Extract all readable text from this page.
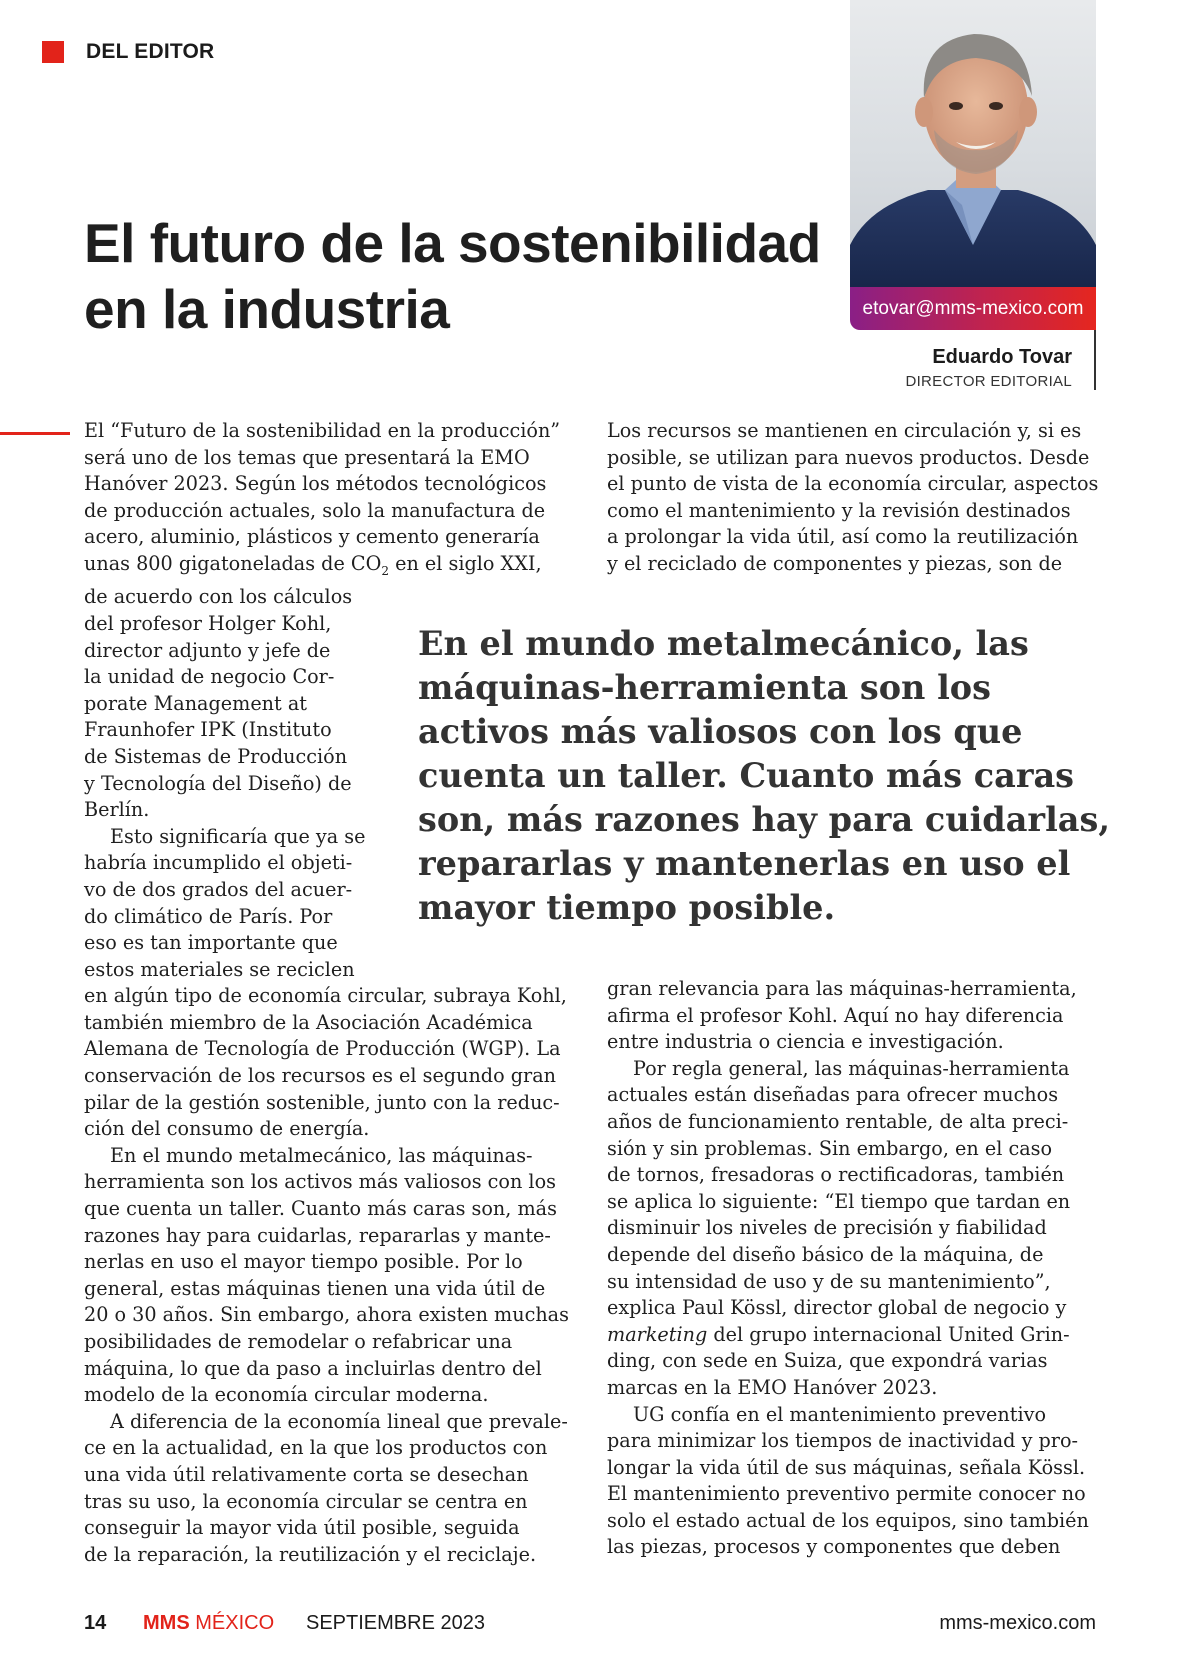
DEL EDITOR
El futuro de la sostenibilidad
en la industria	etovar@mms-mexico.com
Eduardo Tovar
DIRECTOR EDITORIAL

El “Futuro de la sostenibilidad en la producción”
será uno de los temas que presentará la EMO
Hanóver 2023. Según los métodos tecnológicos
de producción actuales, solo la manufactura de
acero, aluminio, plásticos y cemento generaría
unas 800 gigatoneladas de $CO_2$ en el siglo XXI,
de acuerdo con los cálculos
del profesor Holger Kohl,
director adjunto y jefe de
la unidad de negocio Cor-
porate Management at
Fraunhofer IPK (Instituto
de Sistemas de Producción
y Tecnología del Diseño) de
Berlín.

Esto significaría que ya se
habría incumplido el objeti-
vo de dos grados del acuer-
do climático de París. Por
eso es tan importante que
estos materiales se reciclen
en algún tipo de economía circular, subraya Kohl,
también miembro de la Asociación Académica
Alemana de Tecnología de Producción (WGP). La
conservación de los recursos es el segundo gran
pilar de la gestión sostenible, junto con la reduc-
ción del consumo de energía.

En el mundo metalmecánico, las máquinas-
herramienta son los activos más valiosos con los
que cuenta un taller. Cuanto más caras son, más
razones hay para cuidarlas, repararlas y mante-
nerlas en uso el mayor tiempo posible. Por lo
general, estas máquinas tienen una vida útil de
20 o 30 años. Sin embargo, ahora existen muchas
posibilidades de remodelar o refabricar una
máquina, lo que da paso a incluirlas dentro del
modelo de la economía circular moderna.

A diferencia de la economía lineal que prevale-
ce en la actualidad, en la que los productos con
una vida útil relativamente corta se desechan
tras su uso, la economía circular se centra en
conseguir la mayor vida útil posible, seguida
de la reparación, la reutilización y el reciclaje.

Los recursos se mantienen en circulación y, si es
posible, se utilizan para nuevos productos. Desde
el punto de vista de la economía circular, aspectos
como el mantenimiento y la revisión destinados
a prolongar la vida útil, así como la reutilización
y el reciclado de componentes y piezas, son de

En el mundo metalmecánico, las
máquinas-herramienta son los
activos más valiosos con los que
cuenta un taller. Cuanto más caras
son, más razones hay para cuidarlas,
repararlas y mantenerlas en uso el
mayor tiempo posible.

gran relevancia para las máquinas-herramienta,
afirma el profesor Kohl. Aquí no hay diferencia
entre industria o ciencia e investigación.

Por regla general, las máquinas-herramienta
actuales están diseñadas para ofrecer muchos
años de funcionamiento rentable, de alta preci-
sión y sin problemas. Sin embargo, en el caso
de tornos, fresadoras o rectificadoras, también
se aplica lo siguiente: “El tiempo que tardan en
disminuir los niveles de precisión y fiabilidad
depende del diseño básico de la máquina, de
su intensidad de uso y de su mantenimiento”,
explica Paul Kössl, director global de negocio y
marketing del grupo internacional United Grin-
ding, con sede en Suiza, que expondrá varias
marcas en la EMO Hanóver 2023.

UG confía en el mantenimiento preventivo
para minimizar los tiempos de inactividad y pro-
longar la vida útil de sus máquinas, señala Kössl.
El mantenimiento preventivo permite conocer no
solo el estado actual de los equipos, sino también
las piezas, procesos y componentes que deben

14 MMS MÉXICO SEPTIEMBRE 2023	mms-mexico.com
